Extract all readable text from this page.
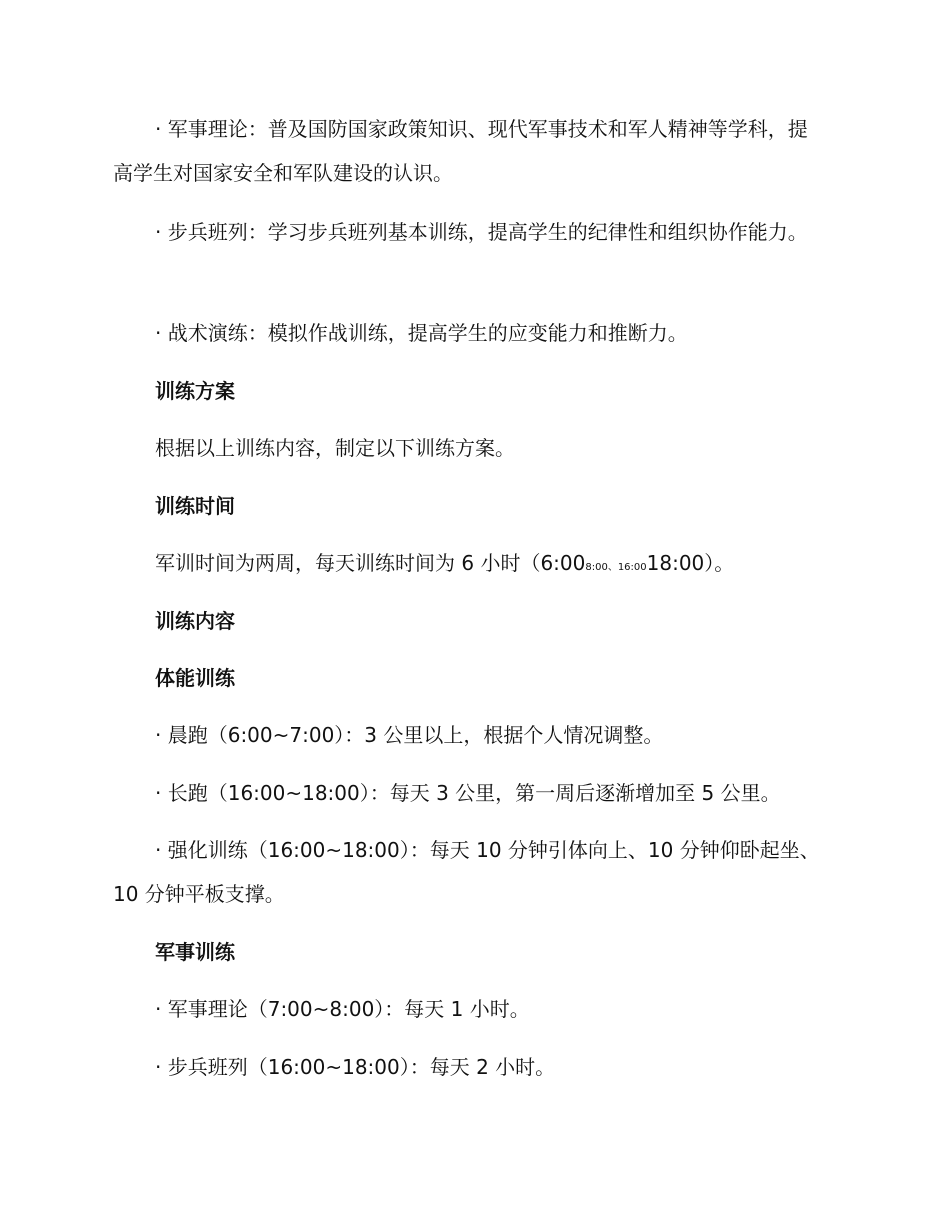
· 军事理论：普及国防国家政策知识、现代军事技术和军人精神等学科，提高学生对国家安全和军队建设的认识。

· 步兵班列：学习步兵班列基本训练，提高学生的纪律性和组织协作能力。

· 战术演练：模拟作战训练，提高学生的应变能力和推断力。

训练方案

根据以上训练内容，制定以下训练方案。

训练时间

军训时间为两周，每天训练时间为 6 小时（6:008:00、16:0018:00）。

训练内容

体能训练

· 晨跑（6:00~7:00）：3 公里以上，根据个人情况调整。

· 长跑（16:00~18:00）：每天 3 公里，第一周后逐渐增加至 5 公里。

· 强化训练（16:00~18:00）：每天 10 分钟引体向上、10 分钟仰卧起坐、10 分钟平板支撑。

军事训练

· 军事理论（7:00~8:00）：每天 1 小时。

· 步兵班列（16:00~18:00）：每天 2 小时。
